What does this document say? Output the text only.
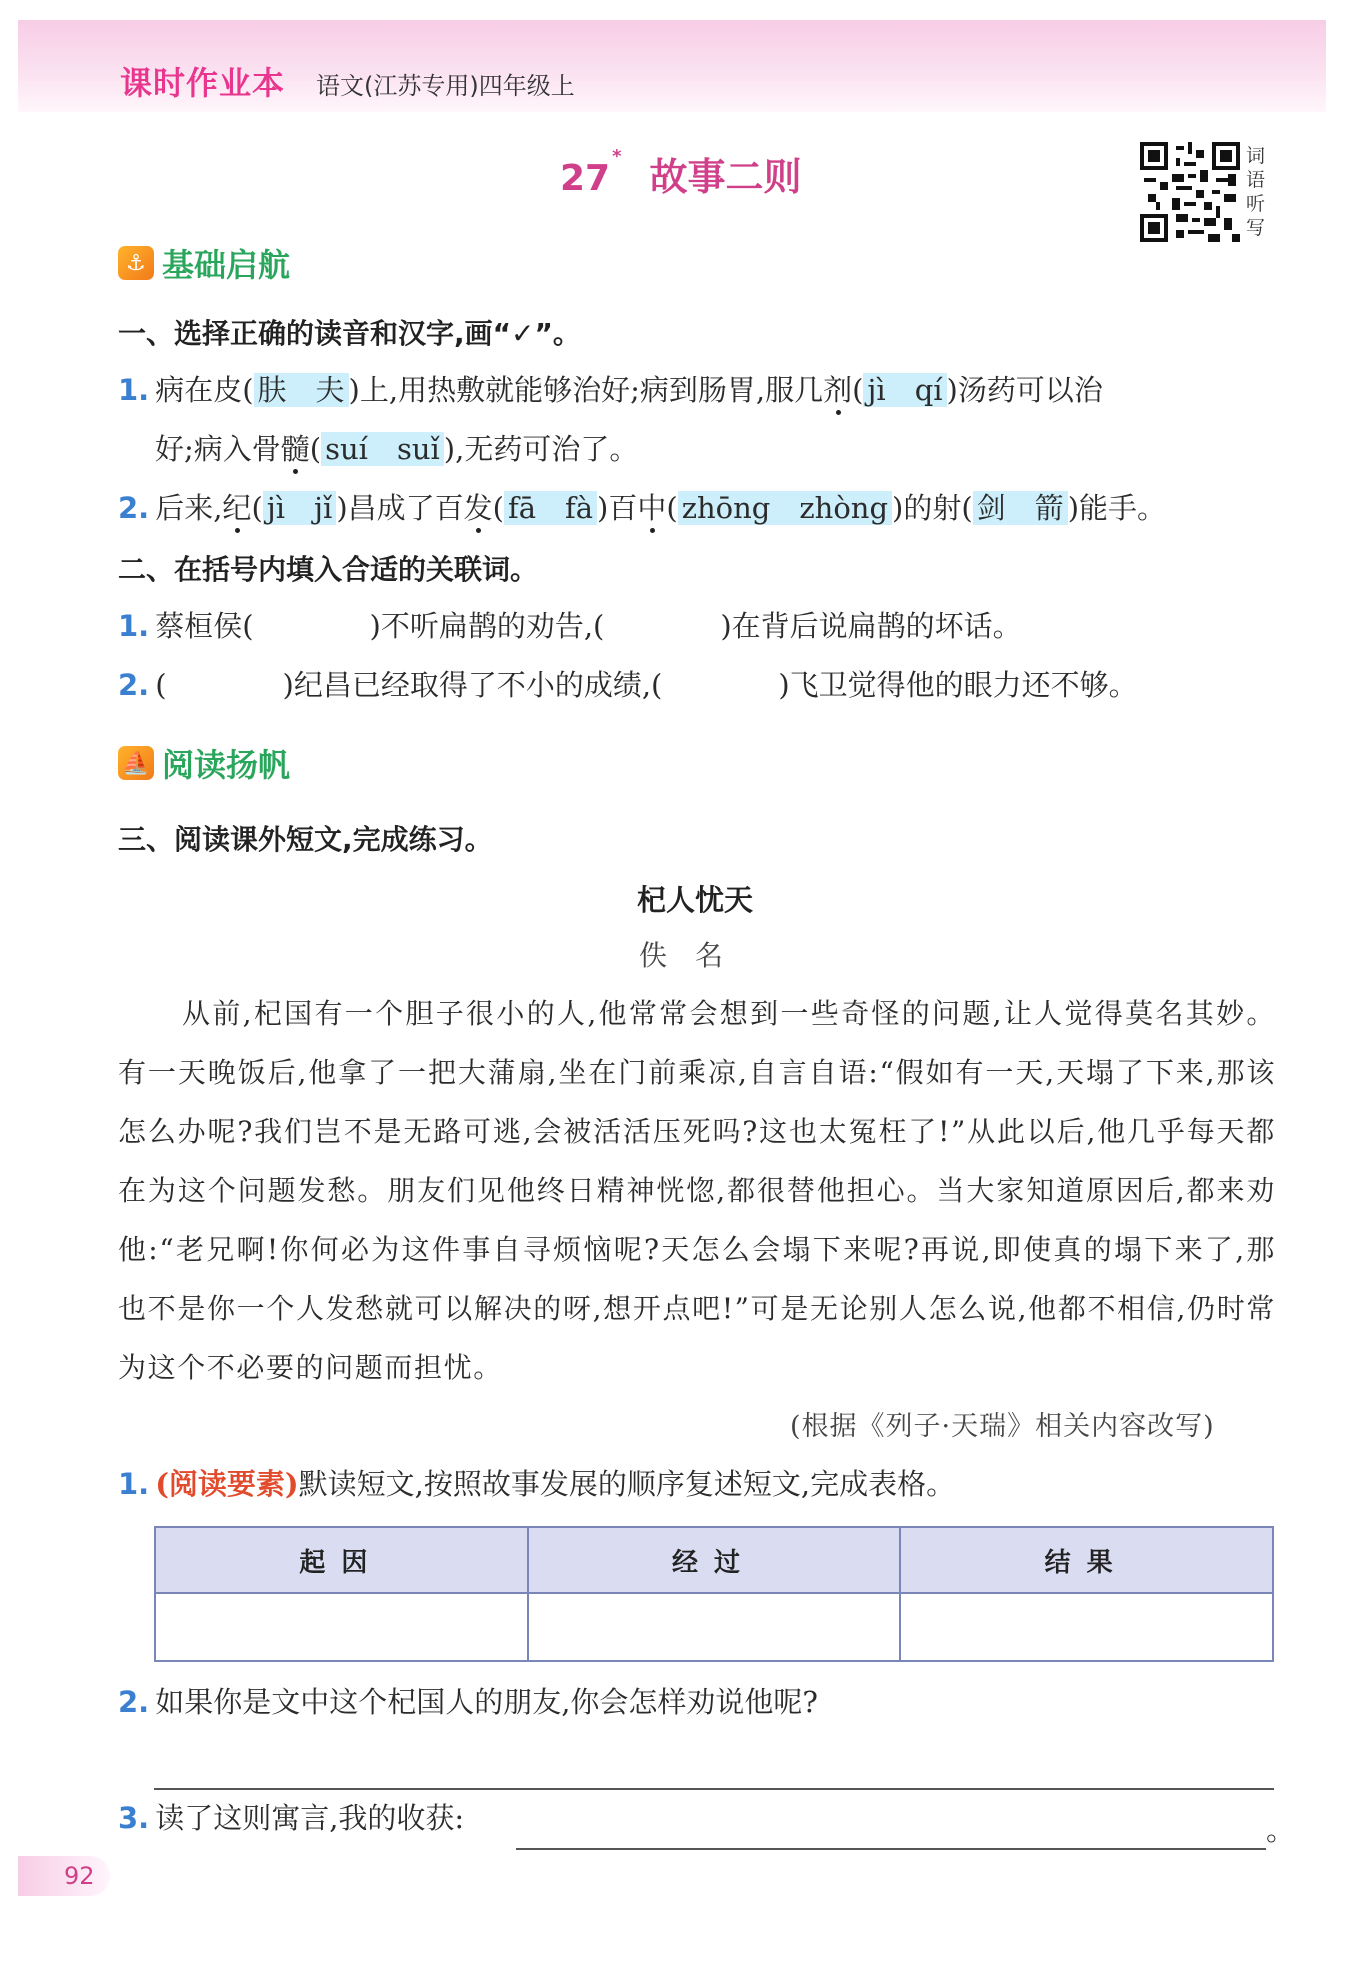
课时作业本 语文(江苏专用)四年级上
27* 故事二则	词语听写
⚓ 基础启航
一、选择正确的读音和汉字,画“✓”。
1. 病在皮( 肤　夫 )上,用热敷就能够治好;病到肠胃,服几剂( jì　qí )汤药可以治
好;病入骨髓( suí　suǐ ),无药可治了。
2. 后来,纪( jì　jǐ )昌成了百发( fā　fà )百中( zhōng　zhòng )的射( 剑　箭 )能手。
二、在括号内填入合适的关联词。
1. 蔡桓侯(　　　　)不听扁鹊的劝告,(　　　　)在背后说扁鹊的坏话。
2. (　　　　)纪昌已经取得了不小的成绩,(　　　　)飞卫觉得他的眼力还不够。
⛵ 阅读扬帆
三、阅读课外短文,完成练习。
杞人忧天
佚名
从前,杞国有一个胆子很小的人,他常常会想到一些奇怪的问题,让人觉得莫名其妙。有一天晚饭后,他拿了一把大蒲扇,坐在门前乘凉,自言自语:“假如有一天,天塌了下来,那该怎么办呢?我们岂不是无路可逃,会被活活压死吗?这也太冤枉了!”从此以后,他几乎每天都在为这个问题发愁。朋友们见他终日精神恍惚,都很替他担心。当大家知道原因后,都来劝他:“老兄啊!你何必为这件事自寻烦恼呢?天怎么会塌下来呢?再说,即使真的塌下来了,那也不是你一个人发愁就可以解决的呀,想开点吧!”可是无论别人怎么说,他都不相信,仍时常为这个不必要的问题而担忧。
(根据《列子·天瑞》相关内容改写)
1. (阅读要素)默读短文,按照故事发展的顺序复述短文,完成表格。
起因	经过	结果

2. 如果你是文中这个杞国人的朋友,你会怎样劝说他呢?
3. 读了这则寓言,我的收获:	。
92
